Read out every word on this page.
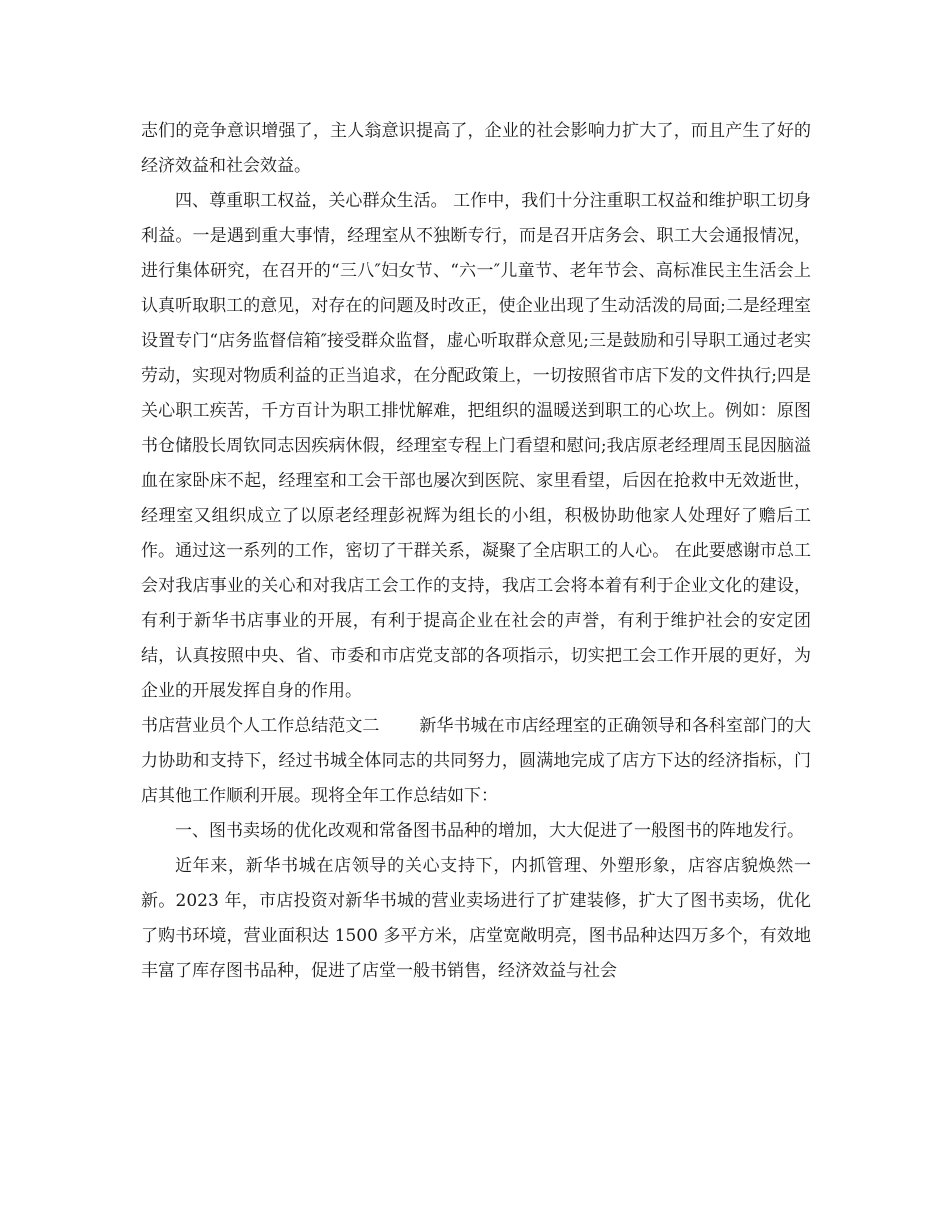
志们的竞争意识增强了，主人翁意识提高了，企业的社会影响力扩大了，而且产生了好的经济效益和社会效益。

四、尊重职工权益，关心群众生活。 工作中，我们十分注重职工权益和维护职工切身利益。一是遇到重大事情，经理室从不独断专行，而是召开店务会、职工大会通报情况，进行集体研究，在召开的“三八″妇女节、“六一″儿童节、老年节会、高标准民主生活会上认真听取职工的意见，对存在的问题及时改正，使企业出现了生动活泼的局面;二是经理室设置专门“店务监督信箱″接受群众监督，虚心听取群众意见;三是鼓励和引导职工通过老实劳动，实现对物质利益的正当追求，在分配政策上，一切按照省市店下发的文件执行;四是关心职工疾苦，千方百计为职工排忧解难，把组织的温暖送到职工的心坎上。例如：原图书仓储股长周钦同志因疾病休假，经理室专程上门看望和慰问;我店原老经理周玉昆因脑溢血在家卧床不起，经理室和工会干部也屡次到医院、家里看望，后因在抢救中无效逝世，经理室又组织成立了以原老经理彭祝辉为组长的小组，积极协助他家人处理好了赡后工作。通过这一系列的工作，密切了干群关系，凝聚了全店职工的人心。 在此要感谢市总工会对我店事业的关心和对我店工会工作的支持，我店工会将本着有利于企业文化的建设，有利于新华书店事业的开展，有利于提高企业在社会的声誉，有利于维护社会的安定团结，认真按照中央、省、市委和市店党支部的各项指示，切实把工会工作开展的更好，为企业的开展发挥自身的作用。

书店营业员个人工作总结范文二 新华书城在市店经理室的正确领导和各科室部门的大力协助和支持下，经过书城全体同志的共同努力，圆满地完成了店方下达的经济指标，门店其他工作顺利开展。现将全年工作总结如下：

一、图书卖场的优化改观和常备图书品种的增加，大大促进了一般图书的阵地发行。

近年来，新华书城在店领导的关心支持下，内抓管理、外塑形象，店容店貌焕然一新。2023 年，市店投资对新华书城的营业卖场进行了扩建装修，扩大了图书卖场，优化了购书环境，营业面积达 1500 多平方米，店堂宽敞明亮，图书品种达四万多个，有效地丰富了库存图书品种，促进了店堂一般书销售，经济效益与社会
